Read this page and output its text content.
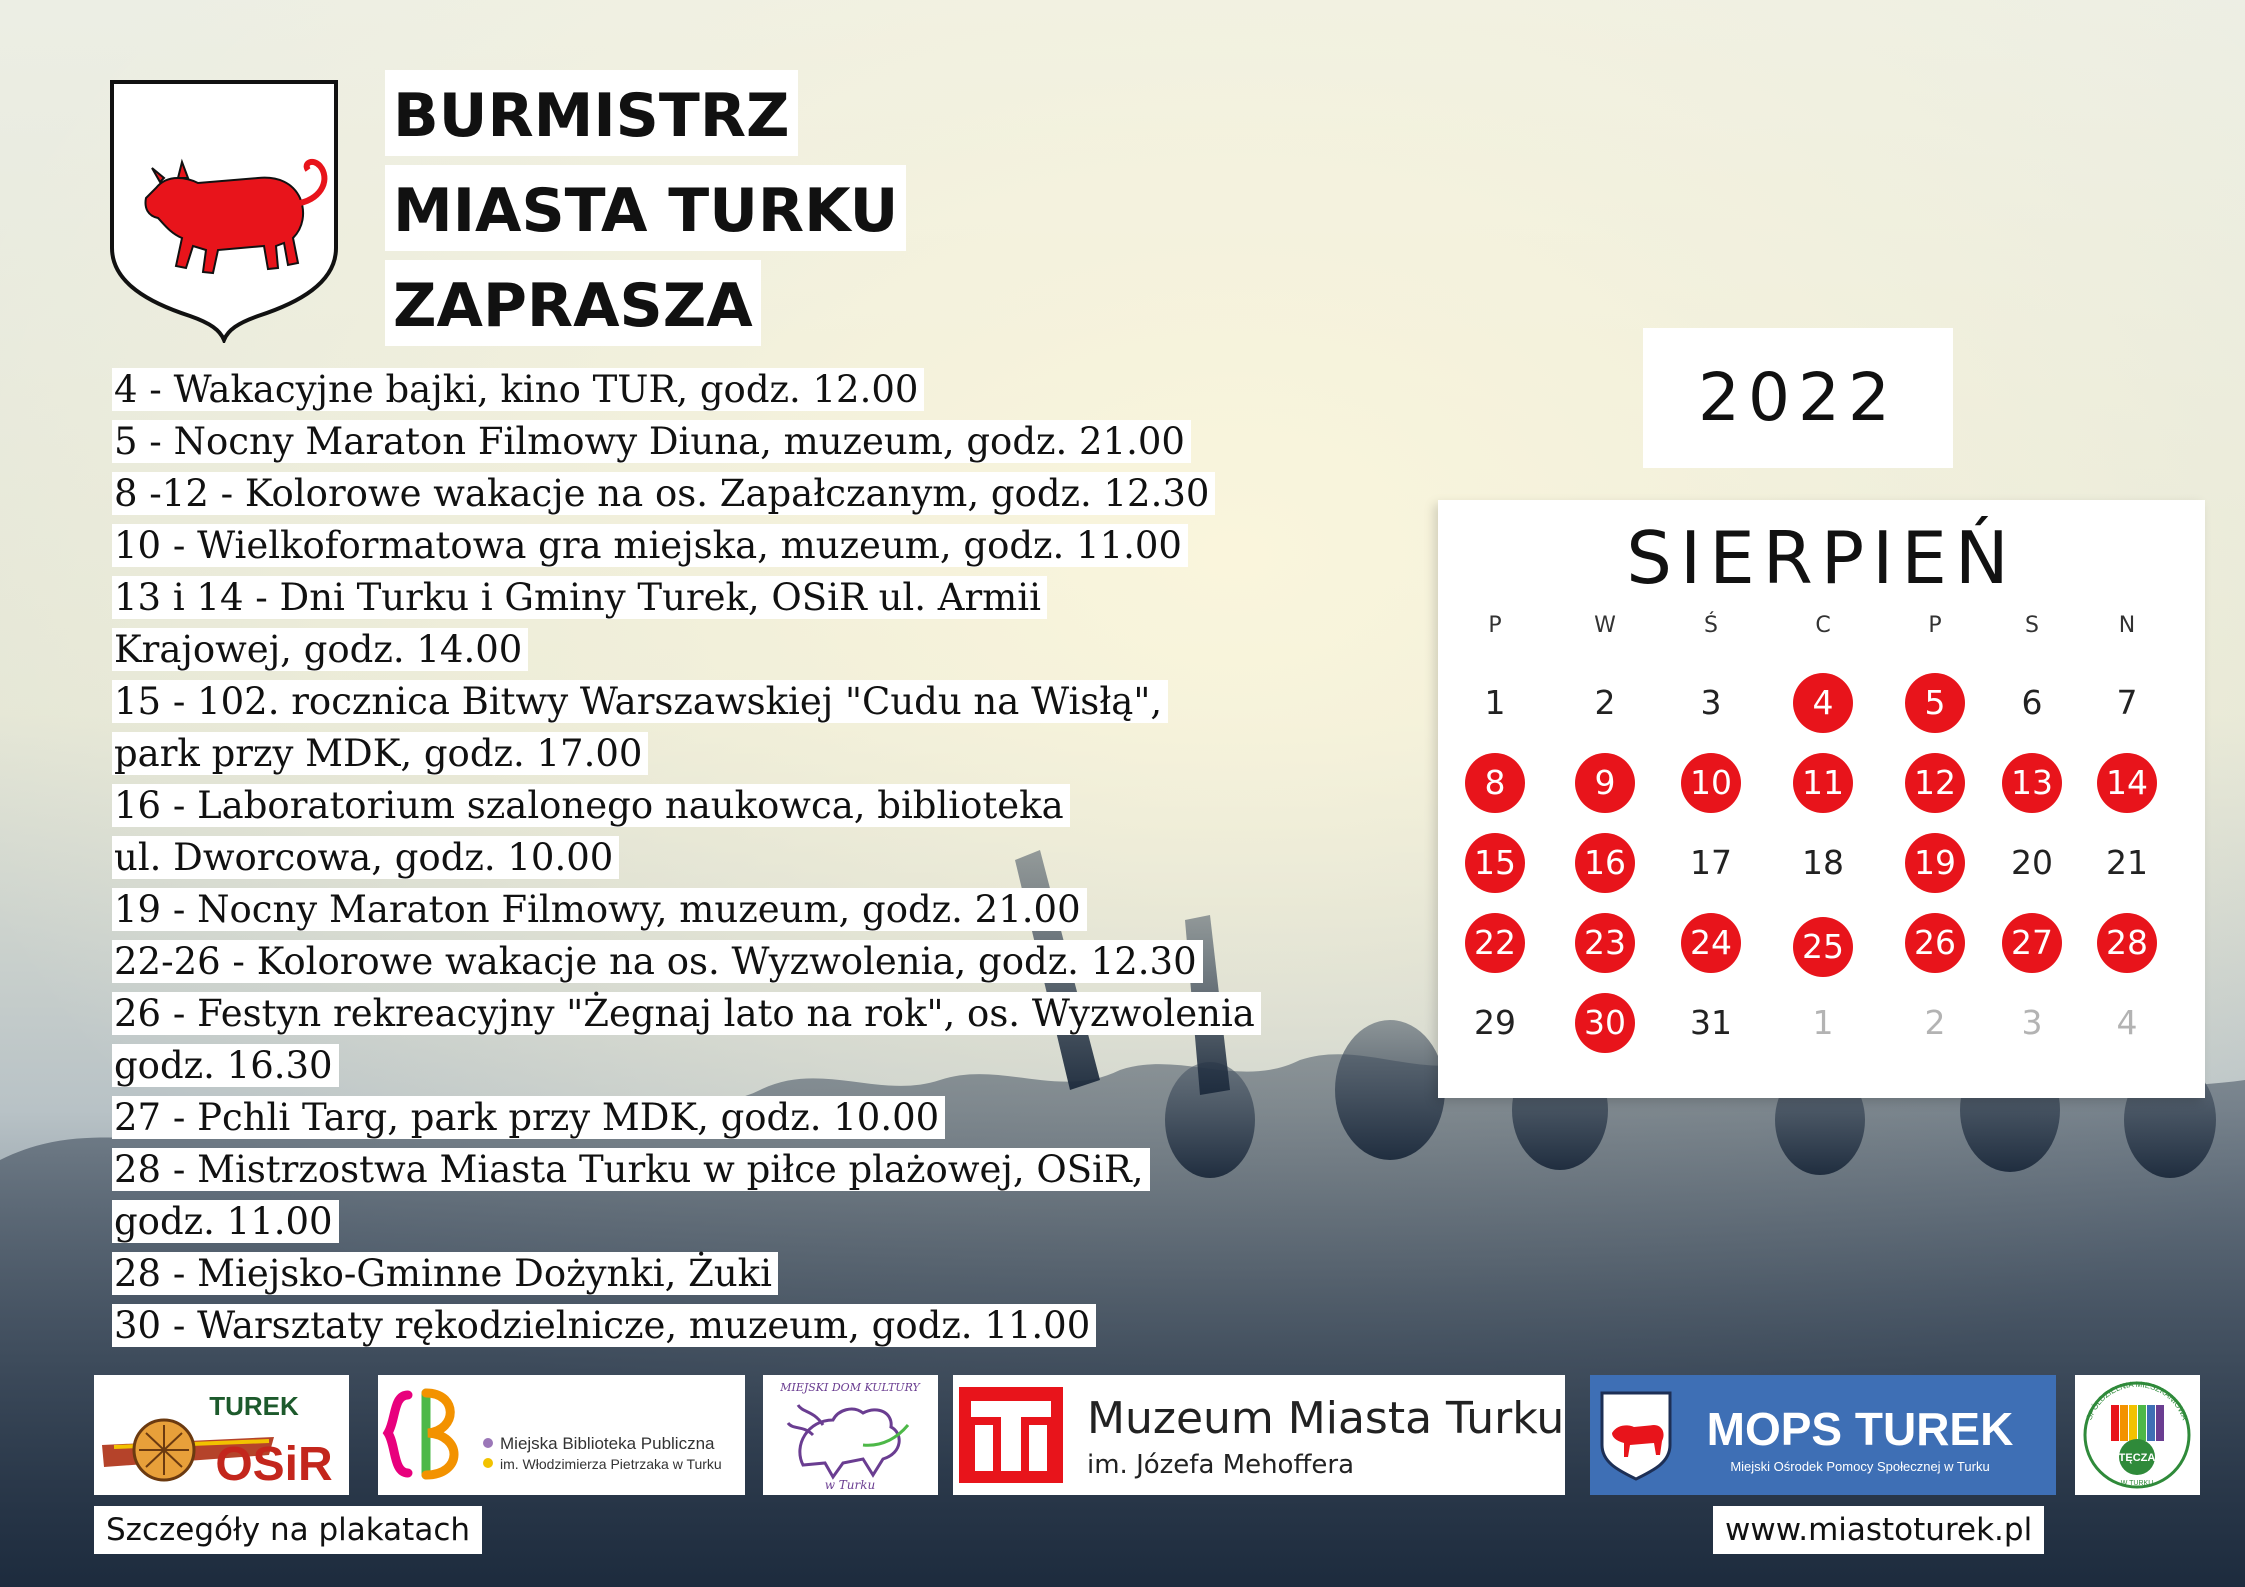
BURMISTRZ
MIASTA TURKU
ZAPRASZA
4 - Wakacyjne bajki, kino TUR, godz. 12.00
5 - Nocny Maraton Filmowy Diuna, muzeum, godz. 21.00
8 -12 - Kolorowe wakacje na os. Zapałczanym, godz. 12.30
10 - Wielkoformatowa gra miejska, muzeum, godz. 11.00
13 i 14 - Dni Turku i Gminy Turek, OSiR ul. Armii
Krajowej, godz. 14.00
15 - 102. rocznica Bitwy Warszawskiej "Cudu na Wisłą",
park przy MDK, godz. 17.00
16 - Laboratorium szalonego naukowca, biblioteka
ul. Dworcowa, godz. 10.00
19 - Nocny Maraton Filmowy, muzeum, godz. 21.00
22-26 - Kolorowe wakacje na os. Wyzwolenia, godz. 12.30
26 - Festyn rekreacyjny "Żegnaj lato na rok", os. Wyzwolenia
godz. 16.30
27 - Pchli Targ, park przy MDK, godz. 10.00
28 - Mistrzostwa Miasta Turku w piłce plażowej, OSiR,
godz. 11.00
28 - Miejsko-Gminne Dożynki, Żuki
30 - Warsztaty rękodzielnicze, muzeum, godz. 11.00
2022
SIERPIEŃ
P	W	Ś	C	P	S	N
1	2	3	4	5	6	7
8	9	10 11 12 13 14
15 16 17 18 19 20 21
22 23 24 25 26 27 28
29 30 31	1	2	3	4
TUREK
OSiR	Miejska Biblioteka Publiczna
im. Włodzimierza Pietrzaka w Turku
MIEJSKI DOM KULTURY
w Turku
Muzeum Miasta Turku
im. Józefa Mehoffera
MOPS TUREK
Miejski Ośrodek Pomocy Społecznej w Turku
SPÓŁDZIELNIA MIESZKANIOWA
TĘCZA
W TURKU
Szczegóły na plakatach	www.miastoturek.pl
